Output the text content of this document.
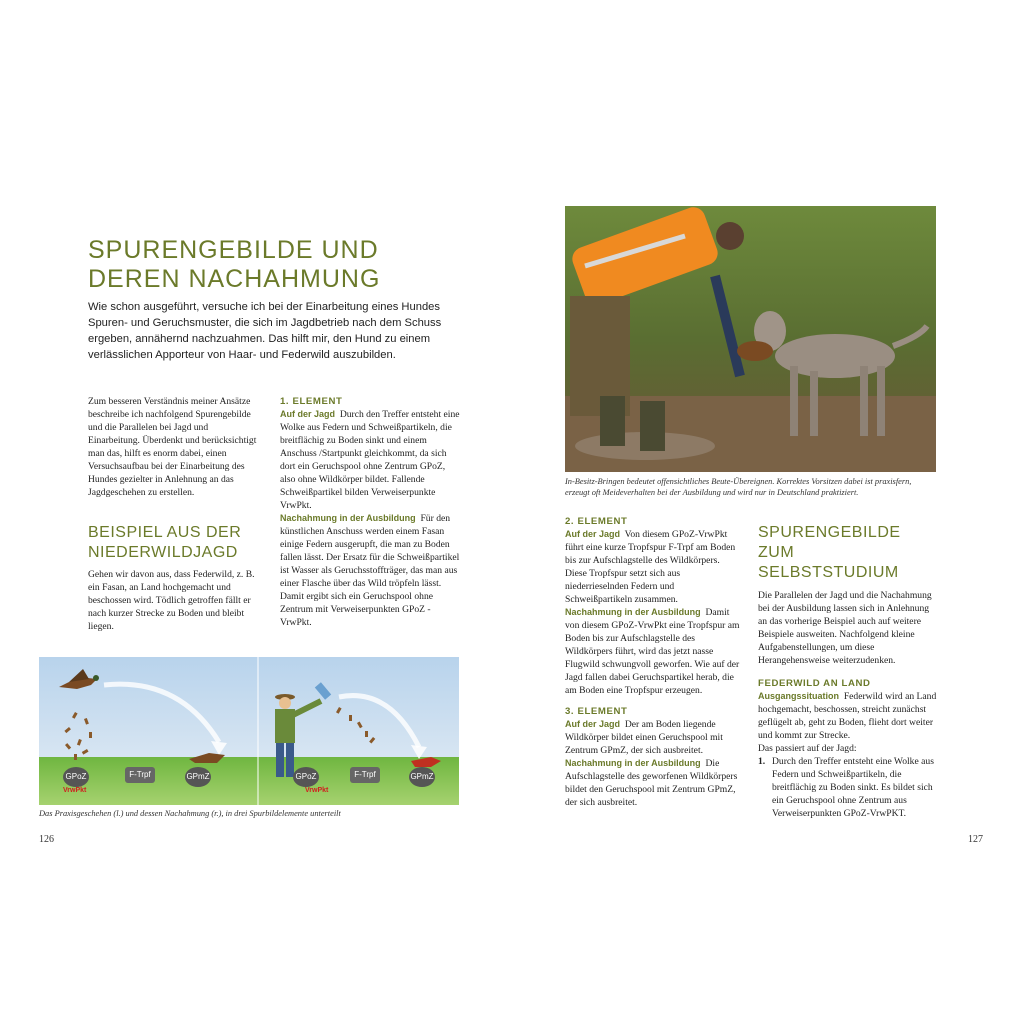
SPURENGEBILDE UND
DEREN NACHAHMUNG

Wie schon ausgeführt, versuche ich bei der Einarbeitung eines Hundes Spuren- und Geruchsmuster, die sich im Jagdbetrieb nach dem Schuss ergeben, annähernd nachzuahmen. Das hilft mir, den Hund zu einem verlässlichen Apporteur von Haar- und Federwild auszubilden.

Zum besseren Verständnis meiner Ansätze beschreibe ich nachfolgend Spurengebilde und die Parallelen bei Jagd und Einarbeitung. Überdenkt und berücksichtigt man das, hilft es enorm dabei, einen Versuchsaufbau bei der Einarbeitung des Hundes gezielter in Anlehnung an das Jagdgeschehen zu erstellen.

BEISPIEL AUS DER
NIEDERWILDJAGD

Gehen wir davon aus, dass Federwild, z. B. ein Fasan, an Land hochgemacht und beschossen wird. Tödlich getroffen fällt er nach kurzer Strecke zu Boden und bleibt liegen.

1. ELEMENT

Auf der Jagd Durch den Treffer entsteht eine Wolke aus Federn und Schweißpartikeln, die breitflächig zu Boden sinkt und einem Anschuss /Startpunkt gleichkommt, da sich dort ein Geruchspool ohne Zentrum GPoZ, also ohne Wildkörper bildet. Fallende Schweißpartikel bilden Verweiserpunkte VrwPkt.

Nachahmung in der Ausbildung Für den künstlichen Anschuss werden einem Fasan einige Federn ausgerupft, die man zu Boden fallen lässt. Der Ersatz für die Schweißpartikel ist Wasser als Geruchsstoffträger, das man aus einer Flasche über das Wild tröpfeln lässt. Damit ergibt sich ein Geruchspool ohne Zentrum mit Verweiserpunkten GPoZ -VrwPkt.

GPoZ
VrwPkt
F-Trpf	GPmZ	GPoZ
VrwPkt
F-Trpf	GPmZ

Das Praxisgeschehen (l.) und dessen Nachahmung (r.), in drei Spurbildelemente unterteilt

126

In-Besitz-Bringen bedeutet offensichtliches Beute-Übereignen. Korrektes Vorsitzen dabei ist praxisfern, erzeugt oft Meideverhalten bei der Ausbildung und wird nur in Deutschland praktiziert.

2. ELEMENT

Auf der Jagd Von diesem GPoZ-VrwPkt führt eine kurze Tropfspur F-Trpf am Boden bis zur Aufschlagstelle des Wildkörpers. Diese Tropfspur setzt sich aus niederrieselnden Federn und Schweißpartikeln zusammen.

Nachahmung in der Ausbildung Damit von diesem GPoZ-VrwPkt eine Tropfspur am Boden bis zur Aufschlagstelle des Wildkörpers führt, wird das jetzt nasse Flugwild schwungvoll geworfen. Wie auf der Jagd fallen dabei Geruchspartikel herab, die am Boden eine Tropfspur erzeugen.

3. ELEMENT

Auf der Jagd Der am Boden liegende Wildkörper bildet einen Geruchspool mit Zentrum GPmZ, der sich ausbreitet.

Nachahmung in der Ausbildung Die Aufschlagstelle des geworfenen Wildkörpers bildet den Geruchspool mit Zentrum GPmZ, der sich ausbreitet.

SPURENGEBILDE
ZUM SELBSTSTUDIUM

Die Parallelen der Jagd und die Nachahmung bei der Ausbildung lassen sich in Anlehnung an das vorherige Beispiel auch auf weitere Beispiele ausweiten. Nachfolgend kleine Aufgabenstellungen, um diese Herangehensweise weiterzudenken.

FEDERWILD AN LAND

Ausgangssituation Federwild wird an Land hochgemacht, beschossen, streicht zunächst geflügelt ab, geht zu Boden, flieht dort weiter und kommt zur Strecke.

Das passiert auf der Jagd:

1. Durch den Treffer entsteht eine Wolke aus Federn und Schweißpartikeln, die breitflächig zu Boden sinkt. Es bildet sich ein Geruchspool ohne Zentrum aus Verweiserpunkten GPoZ-VrwPKT.

127
